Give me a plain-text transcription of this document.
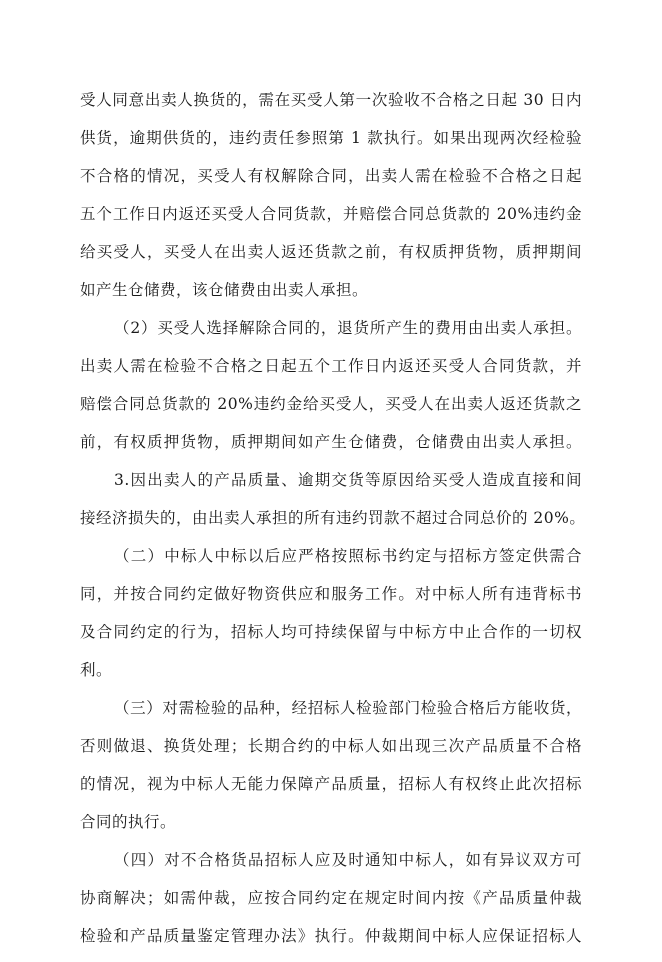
受人同意出卖人换货的，需在买受人第一次验收不合格之日起 30 日内
供货，逾期供货的，违约责任参照第 1 款执行。如果出现两次经检验
不合格的情况，买受人有权解除合同，出卖人需在检验不合格之日起
五个工作日内返还买受人合同货款，并赔偿合同总货款的 20%违约金
给买受人，买受人在出卖人返还货款之前，有权质押货物，质押期间
如产生仓储费，该仓储费由出卖人承担。
（2）买受人选择解除合同的，退货所产生的费用由出卖人承担。
出卖人需在检验不合格之日起五个工作日内返还买受人合同货款，并
赔偿合同总货款的 20%违约金给买受人，买受人在出卖人返还货款之
前，有权质押货物，质押期间如产生仓储费，仓储费由出卖人承担。
3.因出卖人的产品质量、逾期交货等原因给买受人造成直接和间
接经济损失的，由出卖人承担的所有违约罚款不超过合同总价的 20%。
（二）中标人中标以后应严格按照标书约定与招标方签定供需合
同，并按合同约定做好物资供应和服务工作。对中标人所有违背标书
及合同约定的行为，招标人均可持续保留与中标方中止合作的一切权
利。
（三）对需检验的品种，经招标人检验部门检验合格后方能收货，
否则做退、换货处理；长期合约的中标人如出现三次产品质量不合格
的情况，视为中标人无能力保障产品质量，招标人有权终止此次招标
合同的执行。
（四）对不合格货品招标人应及时通知中标人，如有异议双方可
协商解决；如需仲裁，应按合同约定在规定时间内按《产品质量仲裁
检验和产品质量鉴定管理办法》执行。仲裁期间中标人应保证招标人
